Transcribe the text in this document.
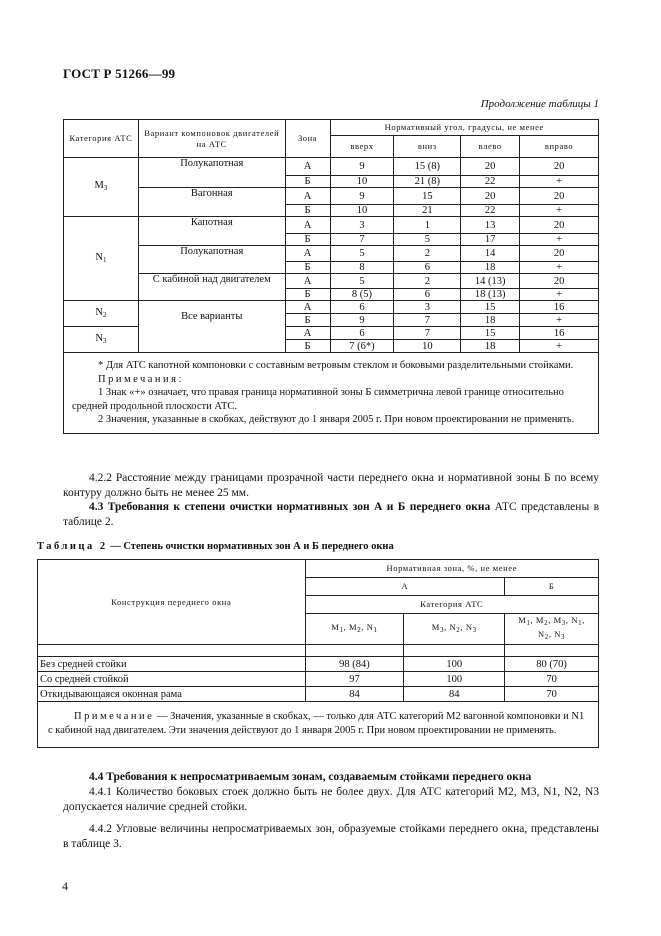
ГОСТ Р 51266—99
Продолжение таблицы 1
Категория АТС	Вариант компоновок двигателей на АТС	Зона	Нормативный угол, градусы, не менее			
			вверх	вниз	влево	вправо
$M_3$	Полукапотная	А	9	15 (8)	20	20
		Б	10	21 (8)	22	+
	Вагонная	А	9	15	20	20
		Б	10	21	22	+
$N_1$	Капотная	А	3	1	13	20
		Б	7	5	17	+
	Полукапотная	А	5	2	14	20
		Б	8	6	18	+
	С кабиной над двигателем	А	5	2	14 (13)	20
		Б	8 (5)	6	18 (13)	+
$N_2$	Все варианты	А	6	3	15	16
		Б	9	7	18	+
$N_3$		А	6	7	15	16
		Б	7 (6*)	10	18	+

* Для АТС капотной компоновки с составным ветровым стеклом и боковыми разделительными стойками.
Примечания:
1 Знак «+» означает, что правая граница нормативной зоны Б симметрична левой границе относительно средней продольной плоскости АТС.
2 Значения, указанные в скобках, действуют до 1 января 2005 г. При новом проектировании не применять.						
4.2.2 Расстояние между границами прозрачной части переднего окна и нормативной зоны Б по всему контуру должно быть не менее 25 мм.
4.3 Требования к степени очистки нормативных зон А и Б переднего окна АТС представлены в таблице 2.
Таблица 2 — Степень очистки нормативных зон А и Б переднего окна
Конструкция переднего окна	Нормативная зона, %, не менее		
	А		Б
	Категория АТС		
	$M_1$, $M_2$, $N_1$	$M_3$, $N_2$, $N_3$	$M_1$, $M_2$, $M_3$, $N_1$,
$N_2$, $N_3$

Без средней стойки	98 (84)	100	80 (70)
Со средней стойкой	97	100	70
Откидывающаяся оконная рама	84	84	70

Примечание — Значения, указанные в скобках, — только для АТС категорий M2 вагонной компоновки и N1 с кабиной над двигателем. Эти значения действуют до 1 января 2005 г. При новом проектировании не применять.			
4.4 Требования к непросматриваемым зонам, создаваемым стойками переднего окна
4.4.1 Количество боковых стоек должно быть не более двух. Для АТС категорий M2, M3, N1, N2, N3 допускается наличие средней стойки.
4.4.2 Угловые величины непросматриваемых зон, образуемые стойками переднего окна, представлены в таблице 3.
4
